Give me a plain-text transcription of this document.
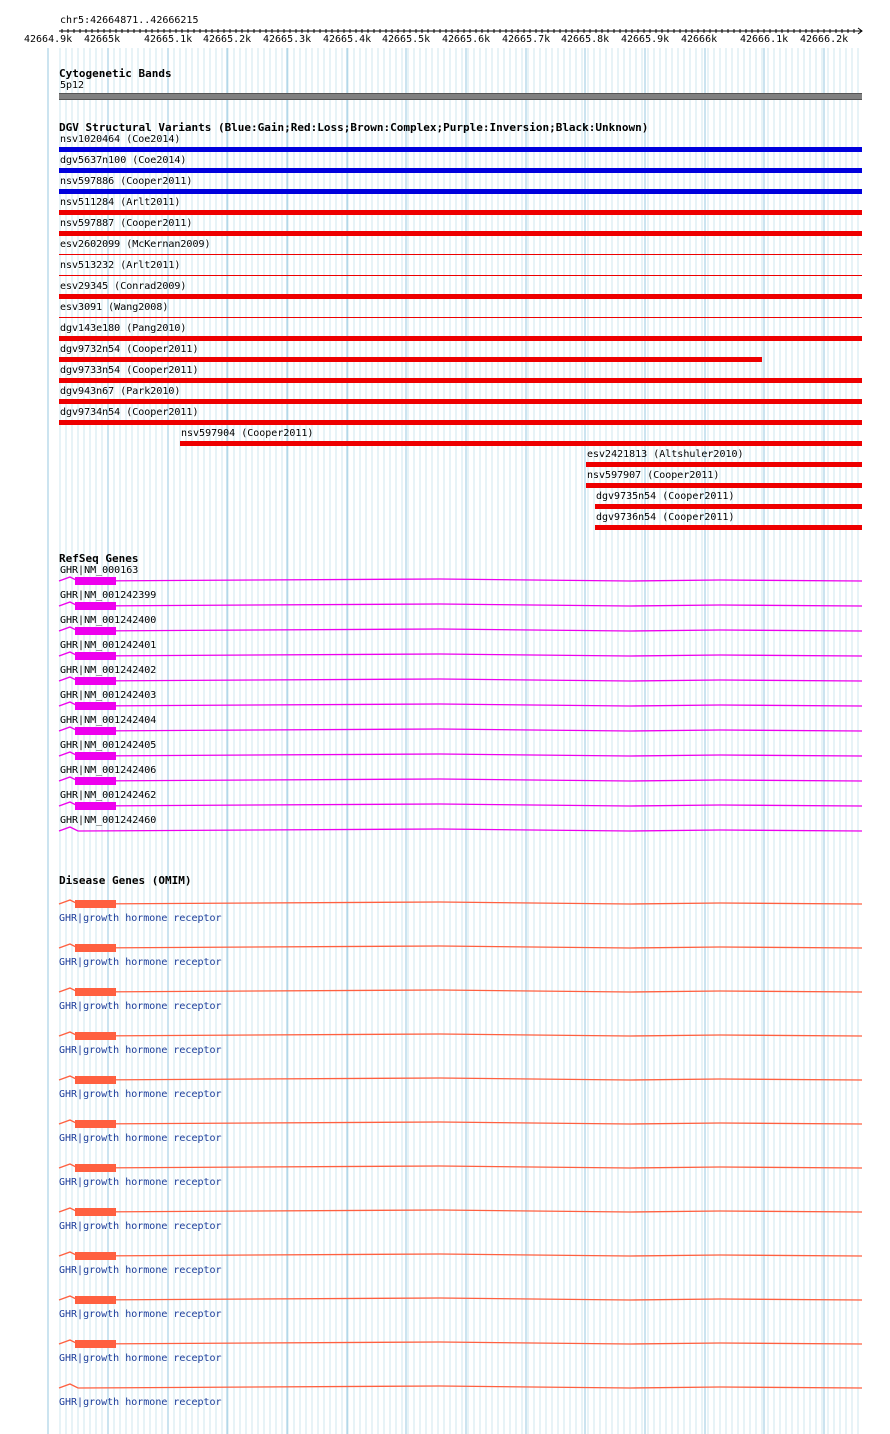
chr5:42664871..42666215
42664.9k 42665k 42665.1k 42665.2k 42665.3k 42665.4k 42665.5k 42665.6k 42665.7k 42665.8k 42665.9k 42666k 42666.1k 42666.2k
Cytogenetic Bands
5p12
DGV Structural Variants (Blue:Gain;Red:Loss;Brown:Complex;Purple:Inversion;Black:Unknown)
nsv1020464 (Coe2014)
dgv5637n100 (Coe2014)
nsv597886 (Cooper2011)
nsv511284 (Arlt2011)
nsv597887 (Cooper2011)
esv2602099 (McKernan2009)
nsv513232 (Arlt2011)
esv29345 (Conrad2009)
esv3091 (Wang2008)
dgv143e180 (Pang2010)
dgv9732n54 (Cooper2011)
dgv9733n54 (Cooper2011)
dgv943n67 (Park2010)
dgv9734n54 (Cooper2011)
nsv597904 (Cooper2011)
esv2421813 (Altshuler2010)
nsv597907 (Cooper2011)
dgv9735n54 (Cooper2011)
dgv9736n54 (Cooper2011)
RefSeq Genes
GHR|NM_000163
GHR|NM_001242399
GHR|NM_001242400
GHR|NM_001242401
GHR|NM_001242402
GHR|NM_001242403
GHR|NM_001242404
GHR|NM_001242405
GHR|NM_001242406
GHR|NM_001242462
GHR|NM_001242460
Disease Genes (OMIM)
GHR|growth hormone receptor
GHR|growth hormone receptor
GHR|growth hormone receptor
GHR|growth hormone receptor
GHR|growth hormone receptor
GHR|growth hormone receptor
GHR|growth hormone receptor
GHR|growth hormone receptor
GHR|growth hormone receptor
GHR|growth hormone receptor
GHR|growth hormone receptor
GHR|growth hormone receptor
